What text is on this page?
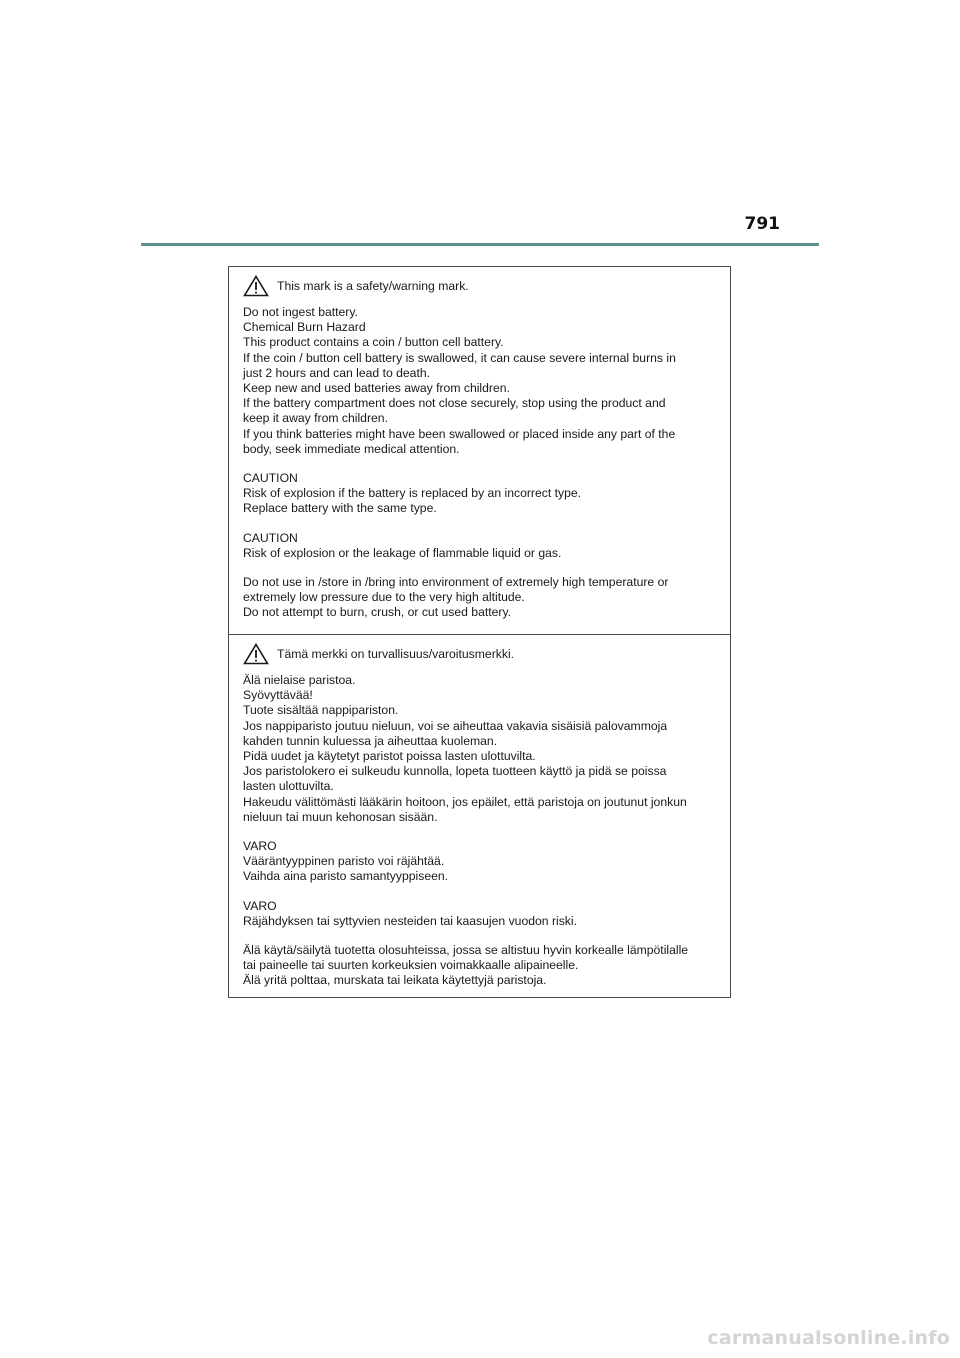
791
This mark is a safety/warning mark.
Do not ingest battery.
Chemical Burn Hazard
This product contains a coin / button cell battery.
If the coin / button cell battery is swallowed, it can cause severe internal burns in
just 2 hours and can lead to death.
Keep new and used batteries away from children.
If the battery compartment does not close securely, stop using the product and
keep it away from children.
If you think batteries might have been swallowed or placed inside any part of the
body, seek immediate medical attention.
CAUTION
Risk of explosion if the battery is replaced by an incorrect type.
Replace battery with the same type.
CAUTION
Risk of explosion or the leakage of flammable liquid or gas.
Do not use in /store in /bring into environment of extremely high temperature or
extremely low pressure due to the very high altitude.
Do not attempt to burn, crush, or cut used battery.
Tämä merkki on turvallisuus/varoitusmerkki.
Älä nielaise paristoa.
Syövyttävää!
Tuote sisältää nappipariston.
Jos nappiparisto joutuu nieluun, voi se aiheuttaa vakavia sisäisiä palovammoja
kahden tunnin kuluessa ja aiheuttaa kuoleman.
Pidä uudet ja käytetyt paristot poissa lasten ulottuvilta.
Jos paristolokero ei sulkeudu kunnolla, lopeta tuotteen käyttö ja pidä se poissa
lasten ulottuvilta.
Hakeudu välittömästi lääkärin hoitoon, jos epäilet, että paristoja on joutunut jonkun
nieluun tai muun kehonosan sisään.
VARO
Vääräntyyppinen paristo voi räjähtää.
Vaihda aina paristo samantyyppiseen.
VARO
Räjähdyksen tai syttyvien nesteiden tai kaasujen vuodon riski.
Älä käytä/säilytä tuotetta olosuhteissa, jossa se altistuu hyvin korkealle lämpötilalle
tai paineelle tai suurten korkeuksien voimakkaalle alipaineelle.
Älä yritä polttaa, murskata tai leikata käytettyjä paristoja.
carmanualsonline.info
